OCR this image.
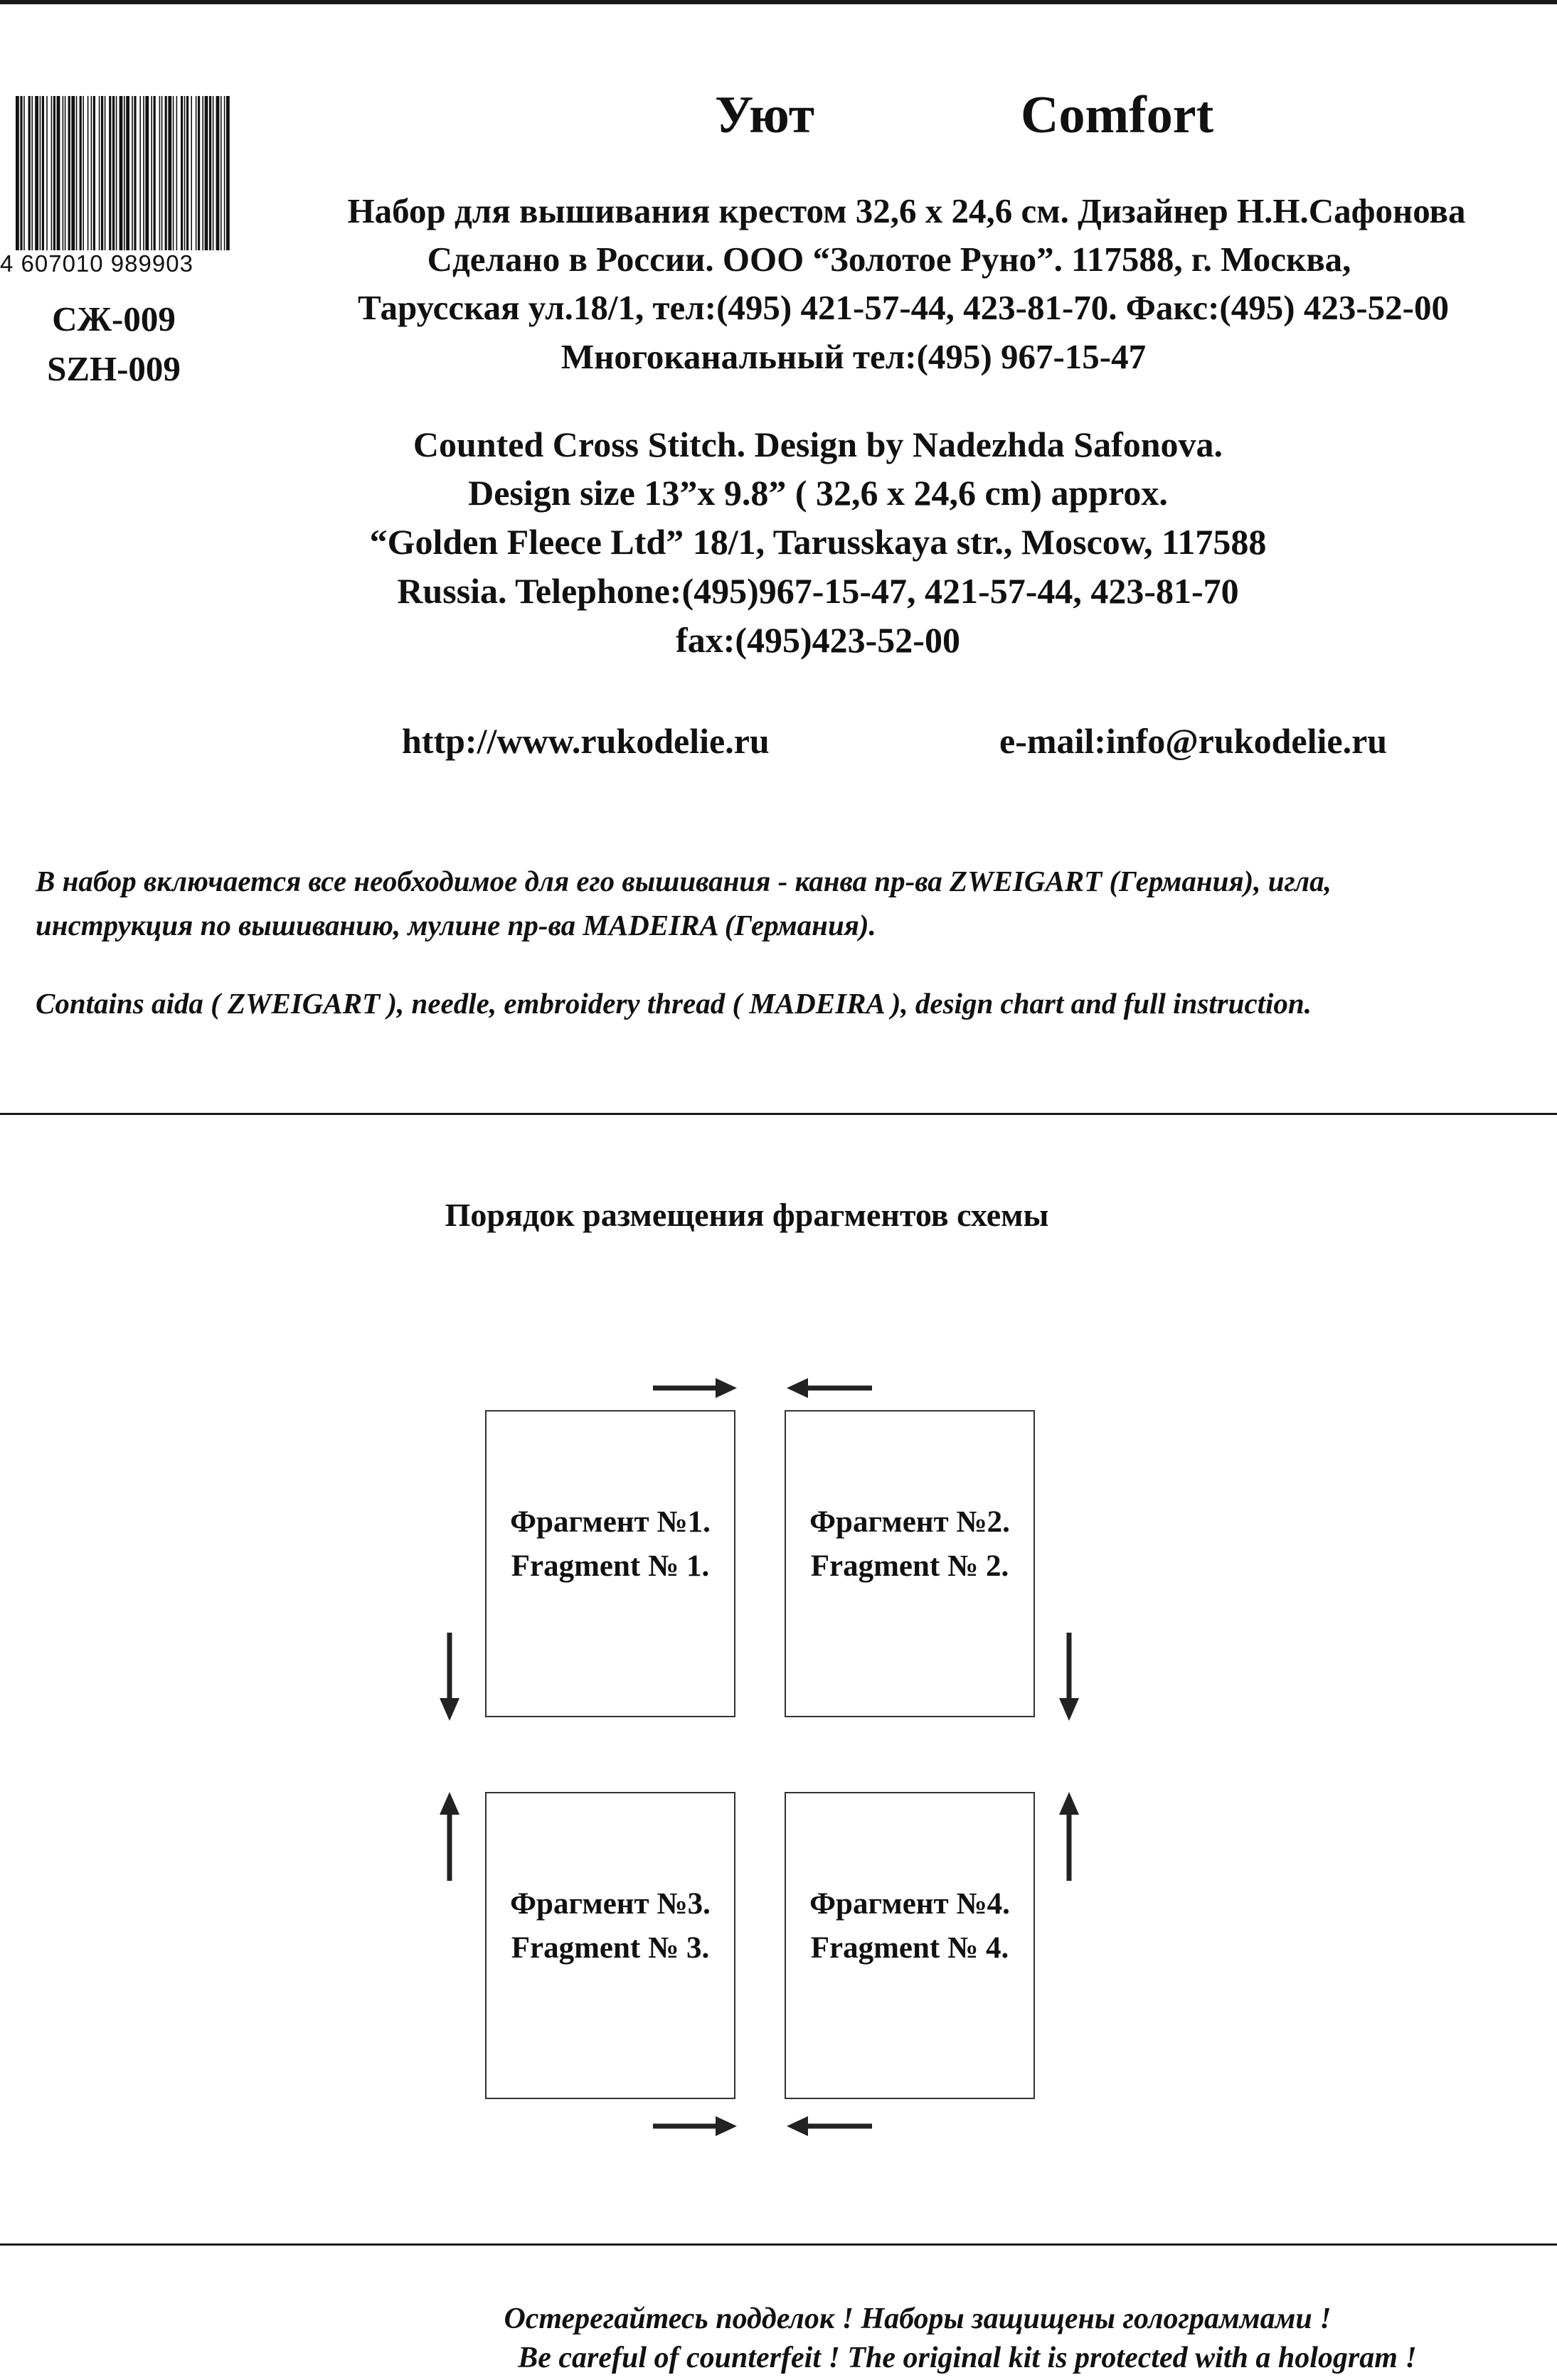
4 607010 989903
СЖ-009
SZH-009
Уют	Comfort
Набор для вышивания крестом 32,6 х 24,6 см. Дизайнер Н.Н.Сафонова
Сделано в России. ООО “Золотое Руно”. 117588, г. Москва,
Тарусская ул.18/1, тел:(495) 421-57-44, 423-81-70. Факс:(495) 423-52-00
Многоканальный тел:(495) 967-15-47
Counted Cross Stitch. Design by Nadezhda Safonova.
Design size 13”x 9.8” ( 32,6 x 24,6 cm) approx.
“Golden Fleece Ltd” 18/1, Tarusskaya str., Moscow, 117588
Russia. Telephone:(495)967-15-47, 421-57-44, 423-81-70
fax:(495)423-52-00
http://www.rukodelie.ru	e-mail:info@rukodelie.ru
В набор включается все необходимое для его вышивания - канва пр-ва ZWEIGART (Германия), игла,
инструкция по вышиванию, мулине пр-ва MADEIRA (Германия).
Contains aida ( ZWEIGART ), needle, embroidery thread ( MADEIRA ), design chart and full instruction.
Порядок размещения фрагментов схемы
Фрагмент №1.
Fragment № 1.
Фрагмент №2.
Fragment № 2.
Фрагмент №3.
Fragment № 3.
Фрагмент №4.
Fragment № 4.
Остерегайтесь подделок ! Наборы защищены голограммами !
Be careful of counterfeit ! The original kit is protected with a hologram !
